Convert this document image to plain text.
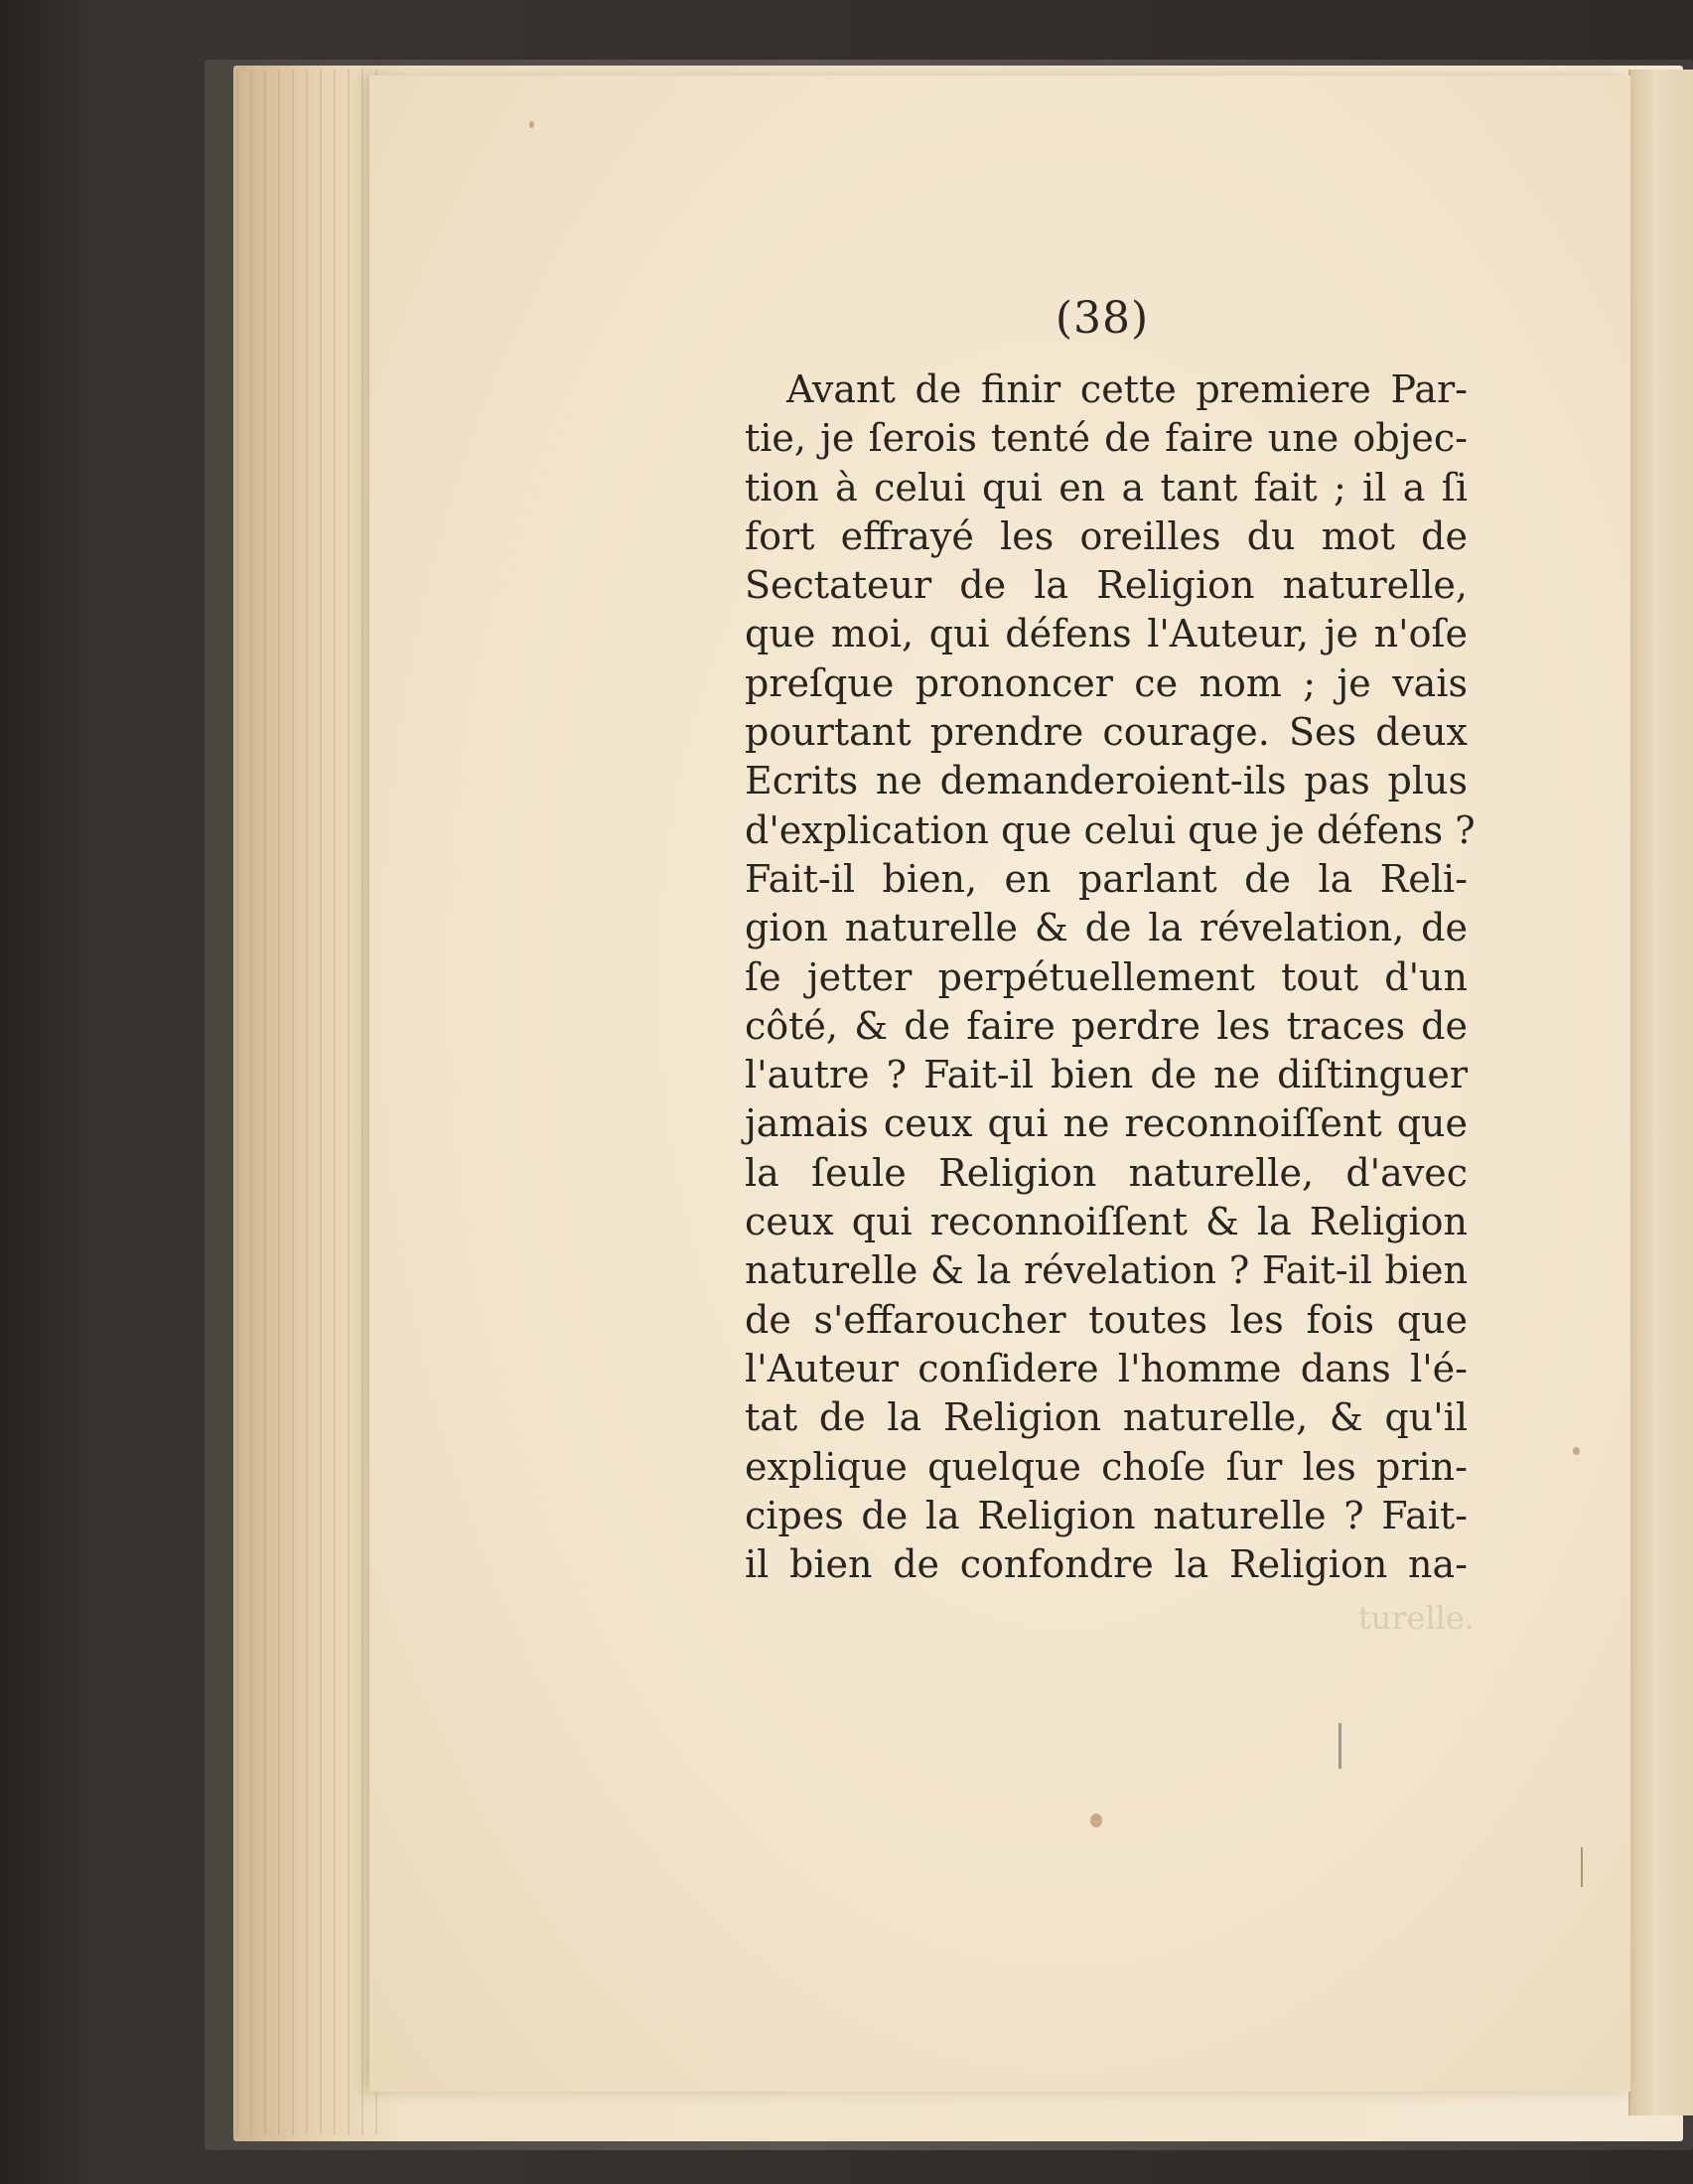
(38)
Avant de finir cette premiere Par-
tie, je ſerois tenté de faire une objec-
tion à celui qui en a tant fait ; il a ſi
fort effrayé les oreilles du mot de
Sectateur de la Religion naturelle,
que moi, qui défens l'Auteur, je n'oſe
preſque prononcer ce nom ; je vais
pourtant prendre courage. Ses deux
Ecrits ne demanderoient-ils pas plus
d'explication que celui que je défens ?
Fait-il bien, en parlant de la Reli-
gion naturelle & de la révelation, de
ſe jetter perpétuellement tout d'un
côté, & de faire perdre les traces de
l'autre ? Fait-il bien de ne diſtinguer
jamais ceux qui ne reconnoiſſent que
la ſeule Religion naturelle, d'avec
ceux qui reconnoiſſent & la Religion
naturelle & la révelation ? Fait-il bien
de s'effaroucher toutes les fois que
l'Auteur conſidere l'homme dans l'é-
tat de la Religion naturelle, & qu'il
explique quelque choſe ſur les prin-
cipes de la Religion naturelle ? Fait-
il bien de confondre la Religion na-
turelle.
